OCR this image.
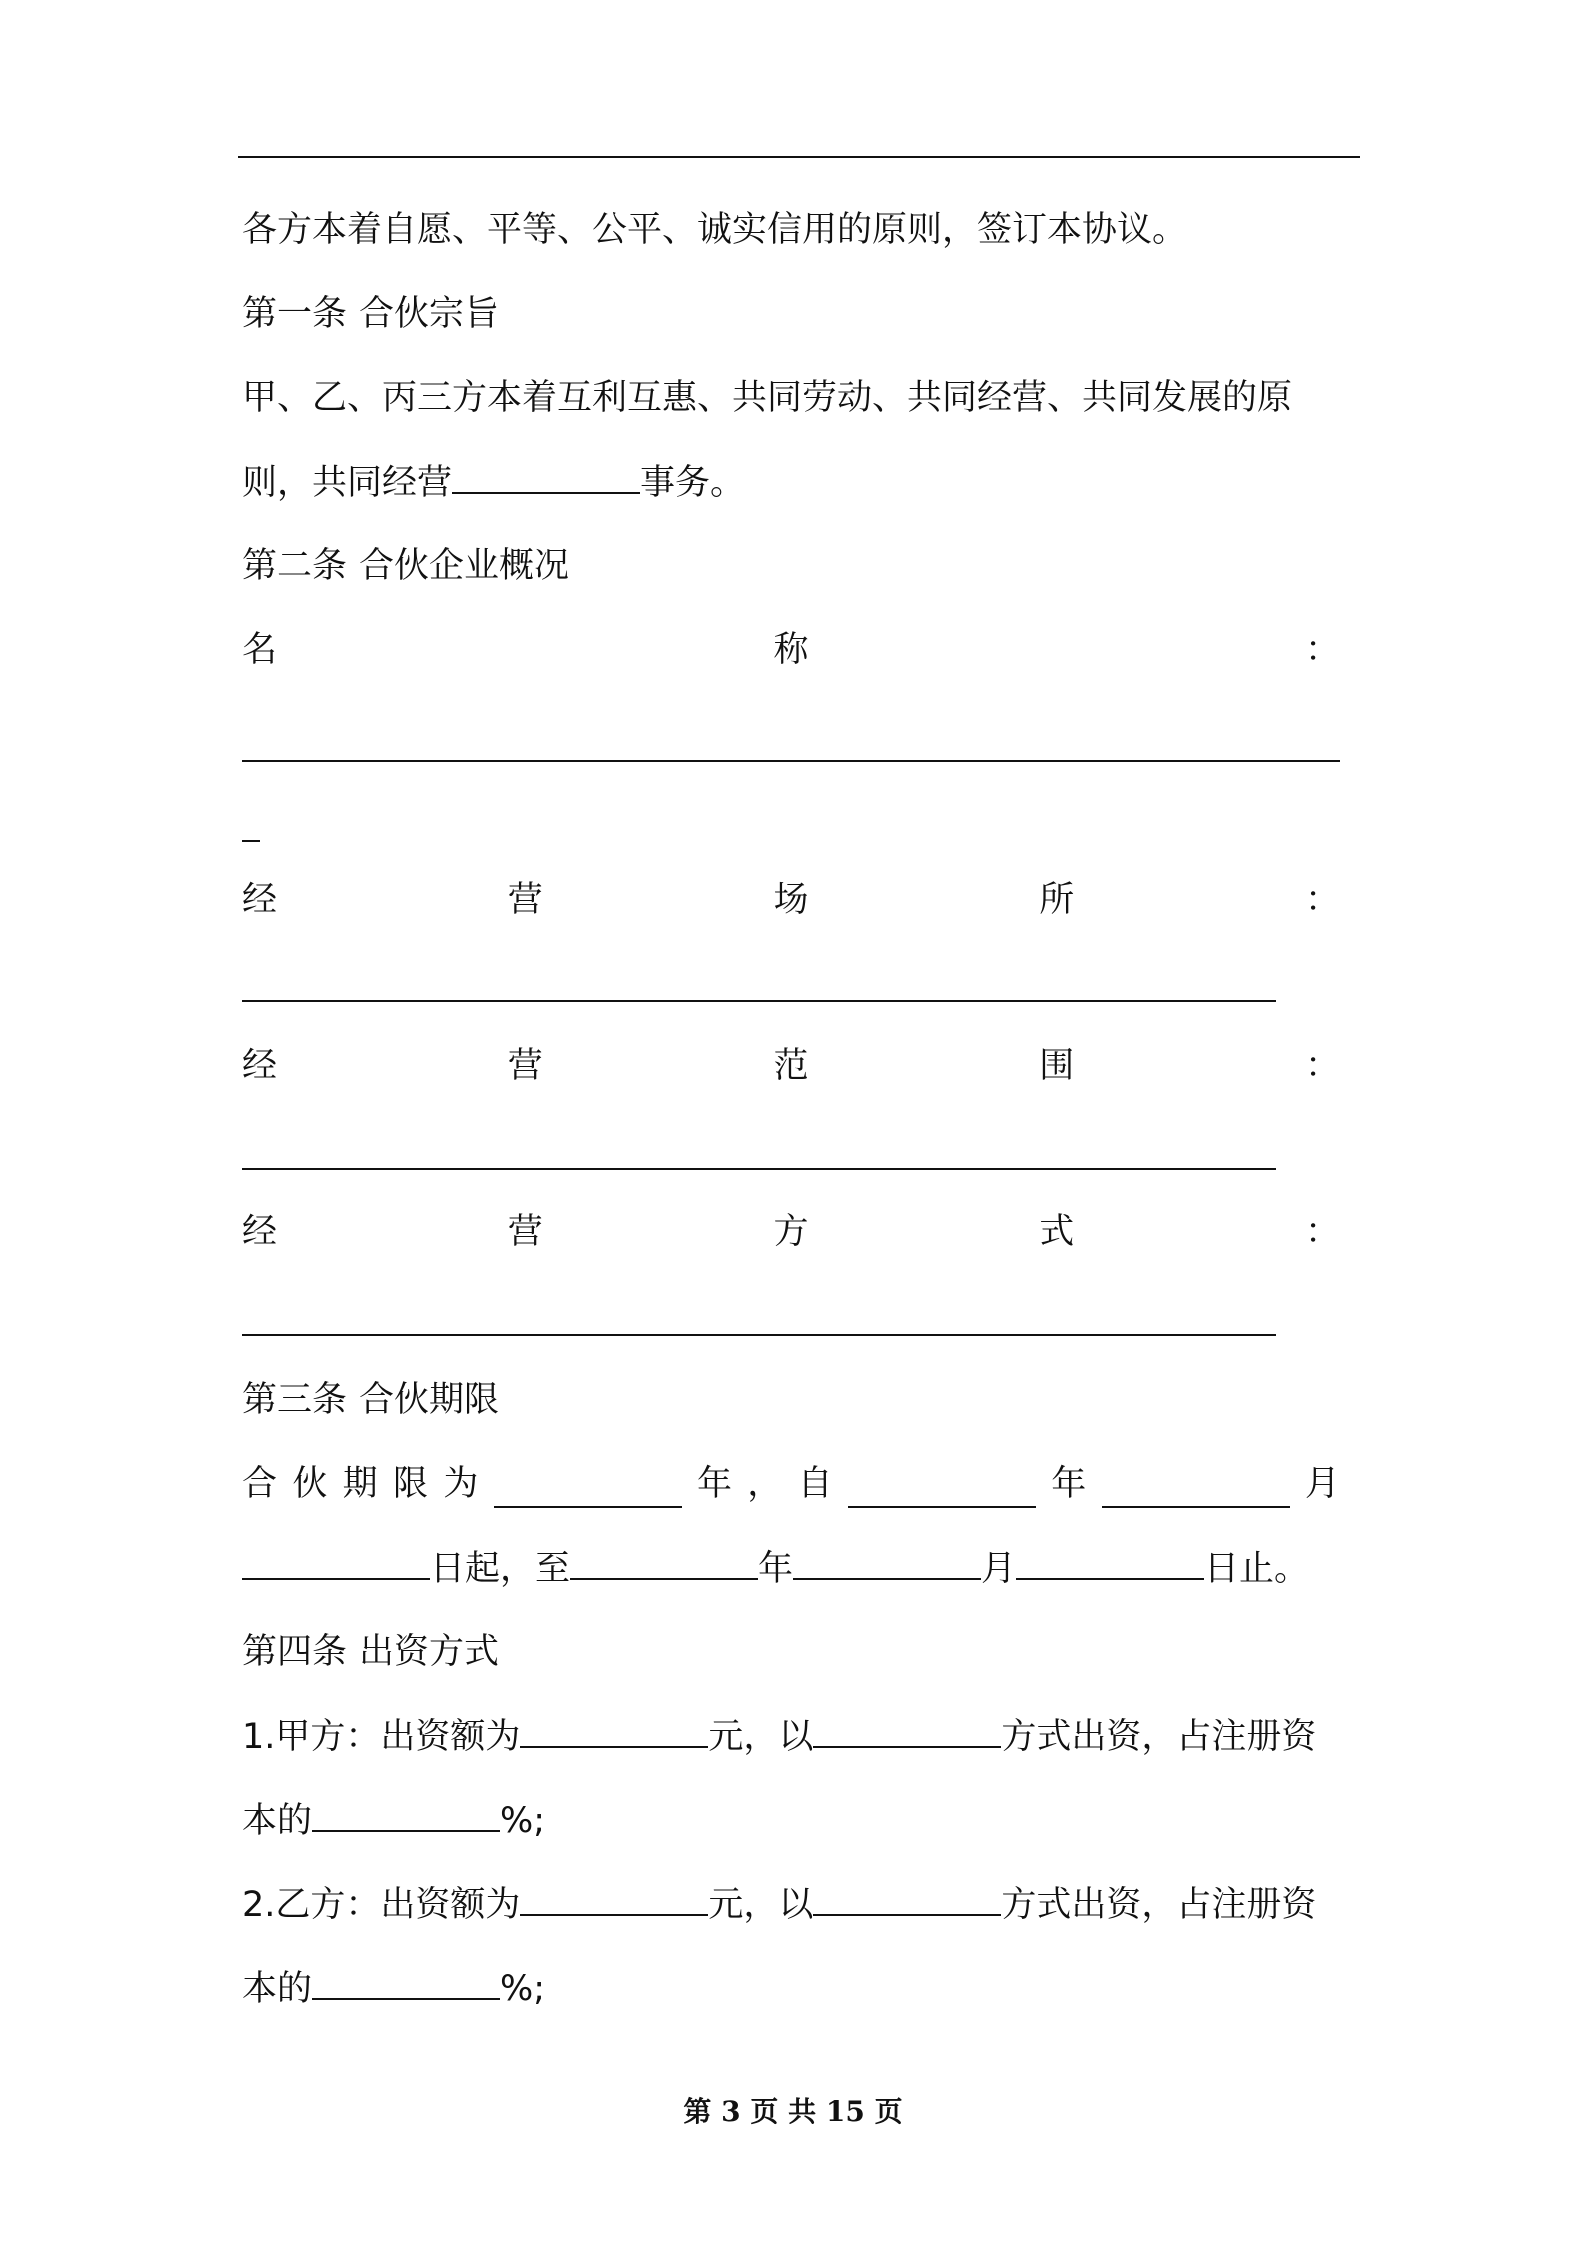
各方本着自愿、平等、公平、诚实信用的原则，签订本协议。
第一条 合伙宗旨
甲、乙、丙三方本着互利互惠、共同劳动、共同经营、共同发展的原
则，共同经营	事务。
第二条 合伙企业概况
名	称	：
经	营	场	所	：
经	营	范	围	：
经	营	方	式	：
第三条 合伙期限
合 伙 期 限 为	年 ， 自	年	月
日起，至	年	月	日止。
第四条 出资方式
1.甲方：出资额为	元，以	方式出资，占注册资
本的	%;
2.乙方：出资额为	元，以	方式出资，占注册资
本的	%;
第 3 页 共 15 页
